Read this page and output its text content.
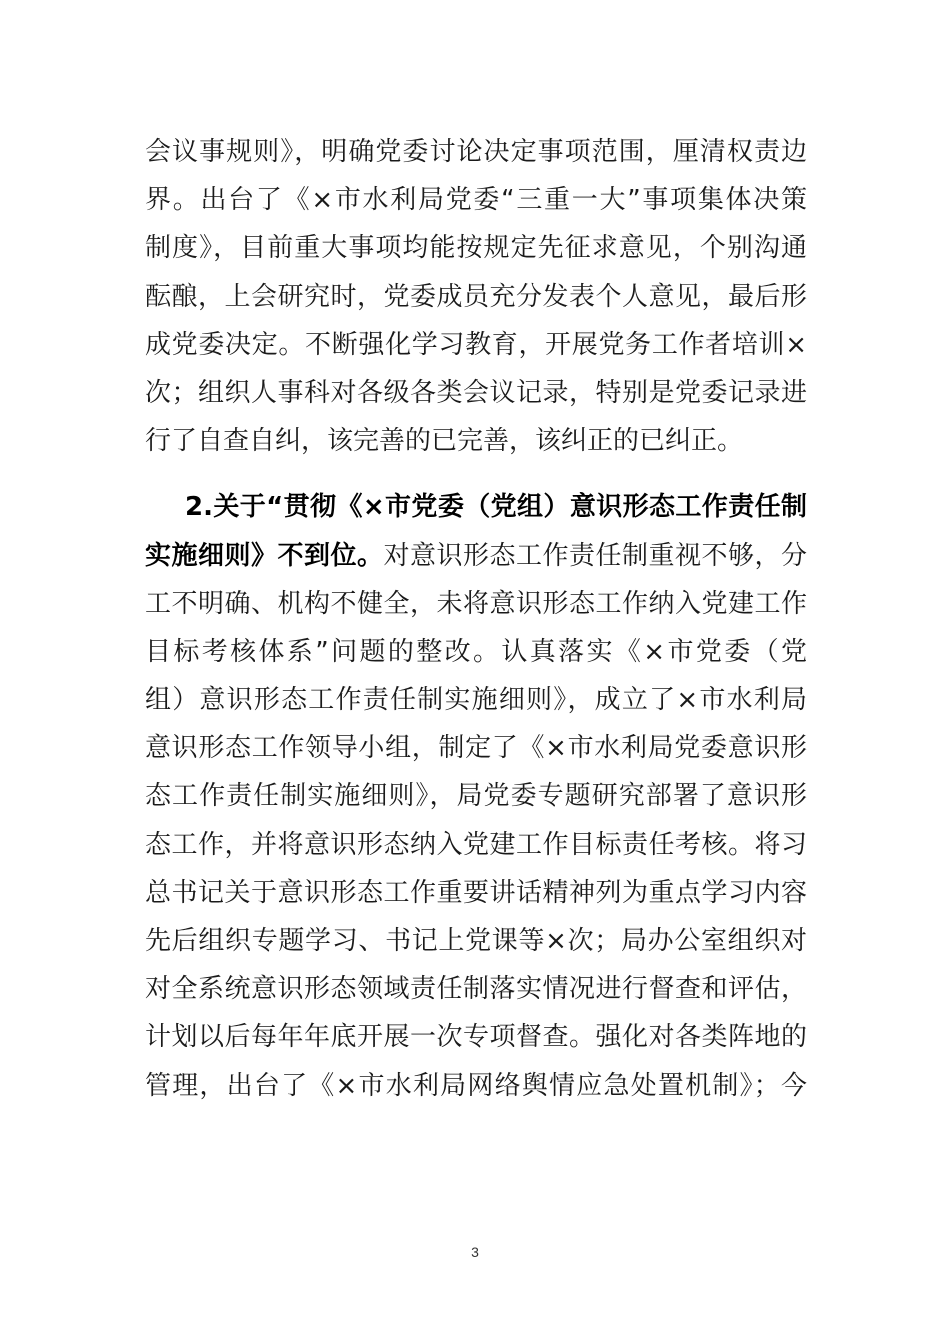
会议事规则》，明确党委讨论决定事项范围，厘清权责边
界。出台了《×市水利局党委“三重一大”事项集体决策
制度》，目前重大事项均能按规定先征求意见，个别沟通
酝酿，上会研究时，党委成员充分发表个人意见，最后形
成党委决定。不断强化学习教育，开展党务工作者培训×
次；组织人事科对各级各类会议记录，特别是党委记录进
行了自查自纠，该完善的已完善，该纠正的已纠正。
2.关于“贯彻《×市党委（党组）意识形态工作责任制
实施细则》不到位。对意识形态工作责任制重视不够，分
工不明确、机构不健全，未将意识形态工作纳入党建工作
目标考核体系”问题的整改。认真落实《×市党委（党
组）意识形态工作责任制实施细则》，成立了×市水利局
意识形态工作领导小组，制定了《×市水利局党委意识形
态工作责任制实施细则》，局党委专题研究部署了意识形
态工作，并将意识形态纳入党建工作目标责任考核。将习
总书记关于意识形态工作重要讲话精神列为重点学习内容
先后组织专题学习、书记上党课等×次；局办公室组织对
对全系统意识形态领域责任制落实情况进行督查和评估，
计划以后每年年底开展一次专项督查。强化对各类阵地的
管理，出台了《×市水利局网络舆情应急处置机制》；今
3
